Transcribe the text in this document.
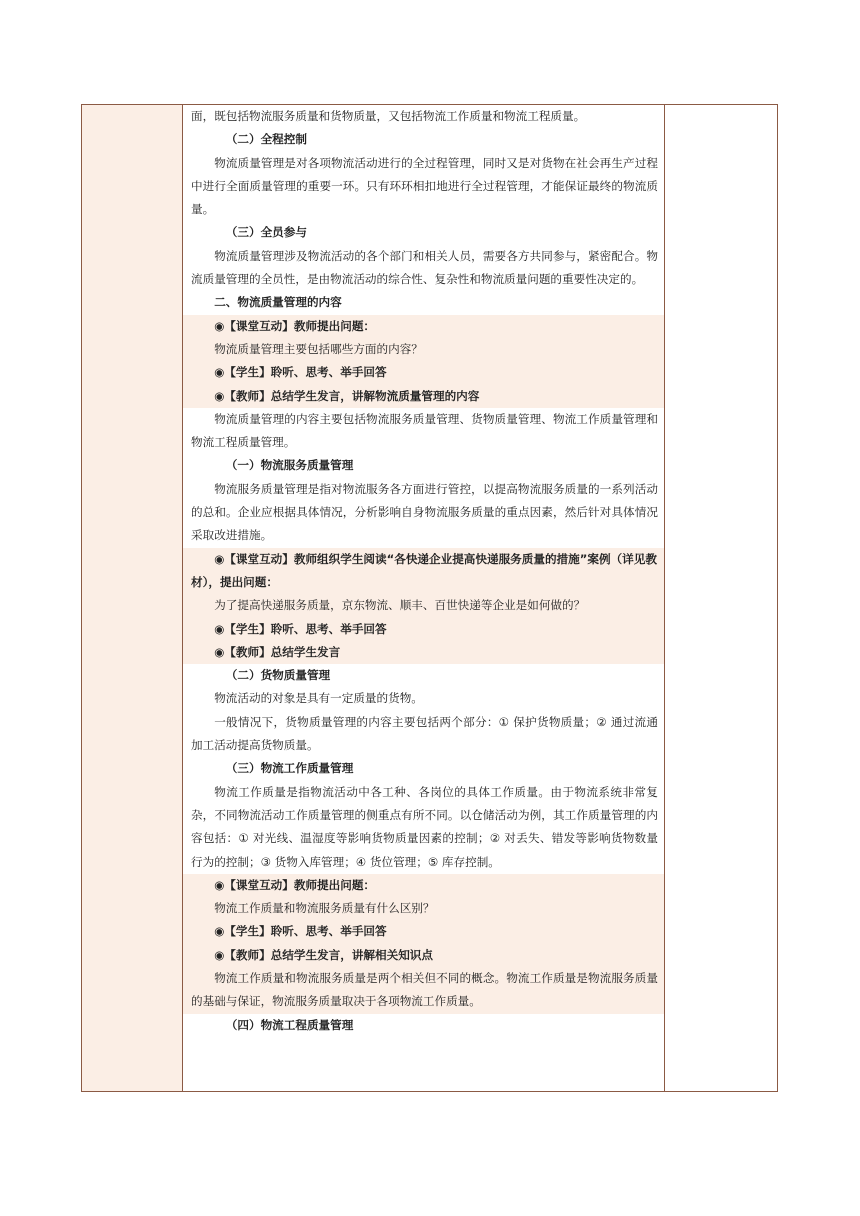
面，既包括物流服务质量和货物质量，又包括物流工作质量和物流工程质量。

（二）全程控制

物流质量管理是对各项物流活动进行的全过程管理，同时又是对货物在社会再生产过程中进行全面质量管理的重要一环。只有环环相扣地进行全过程管理，才能保证最终的物流质量。

（三）全员参与

物流质量管理涉及物流活动的各个部门和相关人员，需要各方共同参与，紧密配合。物流质量管理的全员性，是由物流活动的综合性、复杂性和物流质量问题的重要性决定的。

二、物流质量管理的内容

◉【课堂互动】教师提出问题：

物流质量管理主要包括哪些方面的内容？

◉【学生】聆听、思考、举手回答

◉【教师】总结学生发言，讲解物流质量管理的内容

物流质量管理的内容主要包括物流服务质量管理、货物质量管理、物流工作质量管理和物流工程质量管理。

（一）物流服务质量管理

物流服务质量管理是指对物流服务各方面进行管控，以提高物流服务质量的一系列活动的总和。企业应根据具体情况，分析影响自身物流服务质量的重点因素，然后针对具体情况采取改进措施。

◉【课堂互动】教师组织学生阅读“各快递企业提高快递服务质量的措施”案例（详见教材），提出问题：

为了提高快递服务质量，京东物流、顺丰、百世快递等企业是如何做的？

◉【学生】聆听、思考、举手回答

◉【教师】总结学生发言

（二）货物质量管理

物流活动的对象是具有一定质量的货物。

一般情况下，货物质量管理的内容主要包括两个部分：① 保护货物质量；② 通过流通加工活动提高货物质量。

（三）物流工作质量管理

物流工作质量是指物流活动中各工种、各岗位的具体工作质量。由于物流系统非常复杂，不同物流活动工作质量管理的侧重点有所不同。以仓储活动为例，其工作质量管理的内容包括：① 对光线、温湿度等影响货物质量因素的控制；② 对丢失、错发等影响货物数量行为的控制；③ 货物入库管理；④ 货位管理；⑤ 库存控制。

◉【课堂互动】教师提出问题：

物流工作质量和物流服务质量有什么区别？

◉【学生】聆听、思考、举手回答

◉【教师】总结学生发言，讲解相关知识点

物流工作质量和物流服务质量是两个相关但不同的概念。物流工作质量是物流服务质量的基础与保证，物流服务质量取决于各项物流工作质量。

（四）物流工程质量管理
